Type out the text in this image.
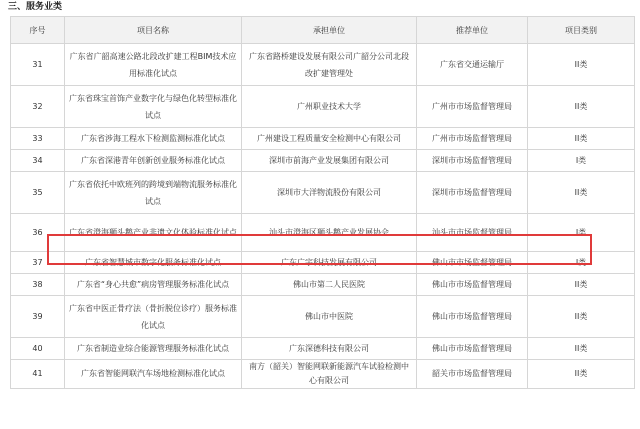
三、服务业类
序号	项目名称	承担单位	推荐单位	项目类别
31	广东省广韶高速公路北段改扩建工程BIM技术应用标准化试点	广东省路桥建设发展有限公司广韶分公司北段改扩建管理处	广东省交通运输厅	II类
32	广东省珠宝首饰产业数字化与绿色化转型标准化试点	广州职业技术大学	广州市市场监督管理局	II类
33	广东省涉海工程水下检测监测标准化试点	广州建设工程质量安全检测中心有限公司	广州市市场监督管理局	II类
34	广东省深港青年创新创业服务标准化试点	深圳市前海产业发展集团有限公司	深圳市市场监督管理局	I类
35	广东省依托中欧班列的跨境到端物流服务标准化试点	深圳市大洋物流股份有限公司	深圳市市场监督管理局	II类
36	广东省澄海狮头鹅产业非遗文化体验标准化试点	汕头市澄海区狮头鹅产业发展协会	汕头市市场监督管理局	I类
37	广东省智慧城市数字化服务标准化试点	广东广宇科技发展有限公司	佛山市市场监督管理局	I类
38	广东省“身心共愈”病房管理服务标准化试点	佛山市第二人民医院	佛山市市场监督管理局	II类
39	广东省中医正骨疗法（骨折脱位诊疗）服务标准化试点	佛山市中医院	佛山市市场监督管理局	II类
40	广东省制造业综合能源管理服务标准化试点	广东深德科技有限公司	佛山市市场监督管理局	II类
41	广东省智能网联汽车场地检测标准化试点	南方（韶关）智能网联新能源汽车试验检测中心有限公司	韶关市市场监督管理局	II类
